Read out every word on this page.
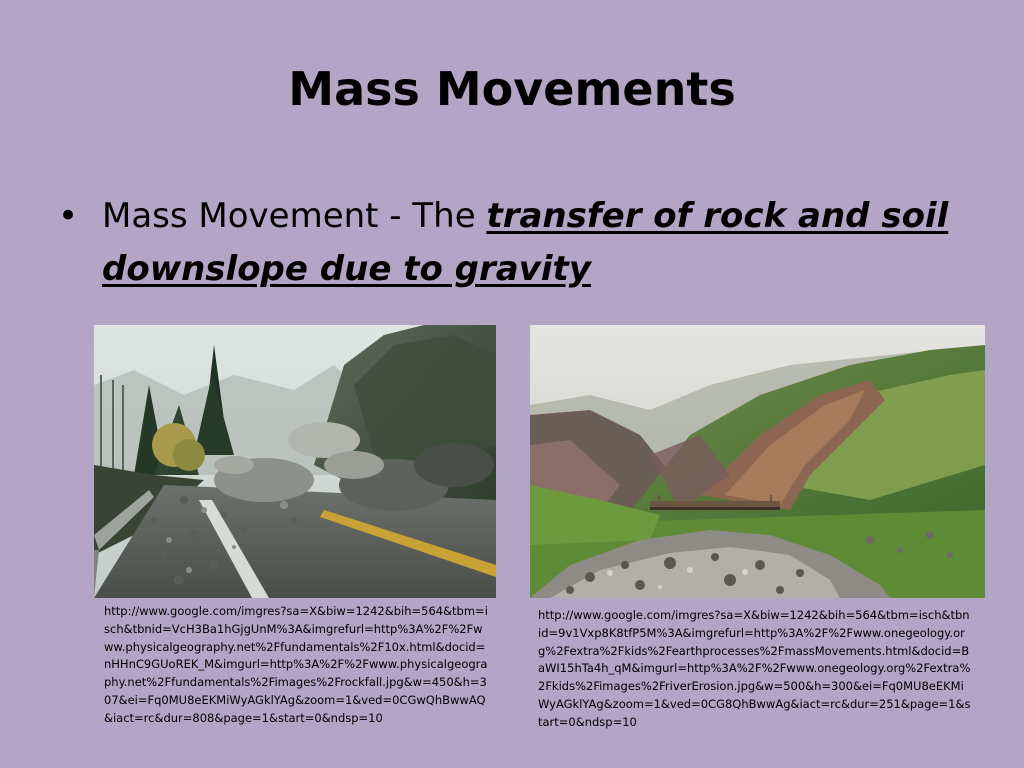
Mass Movements
• Mass Movement - The transfer of rock and soil downslope due to gravity

http://www.google.com/imgres?sa=X&biw=1242&bih=564&tbm=isch&tbnid=VcH3Ba1hGjgUnM%3A&imgrefurl=http%3A%2F%2Fwww.physicalgeography.net%2Ffundamentals%2F10x.html&docid=nHHnC9GUoREK_M&imgurl=http%3A%2F%2Fwww.physicalgeography.net%2Ffundamentals%2Fimages%2Frockfall.jpg&w=450&h=307&ei=Fq0MU8eEKMiWyAGklYAg&zoom=1&ved=0CGwQhBwwAQ&iact=rc&dur=808&page=1&start=0&ndsp=10

http://www.google.com/imgres?sa=X&biw=1242&bih=564&tbm=isch&tbnid=9v1Vxp8K8tfP5M%3A&imgrefurl=http%3A%2F%2Fwww.onegeology.org%2Fextra%2Fkids%2Fearthprocesses%2FmassMovements.html&docid=BaWI15hTa4h_qM&imgurl=http%3A%2F%2Fwww.onegeology.org%2Fextra%2Fkids%2Fimages%2FriverErosion.jpg&w=500&h=300&ei=Fq0MU8eEKMiWyAGklYAg&zoom=1&ved=0CG8QhBwwAg&iact=rc&dur=251&page=1&start=0&ndsp=10
